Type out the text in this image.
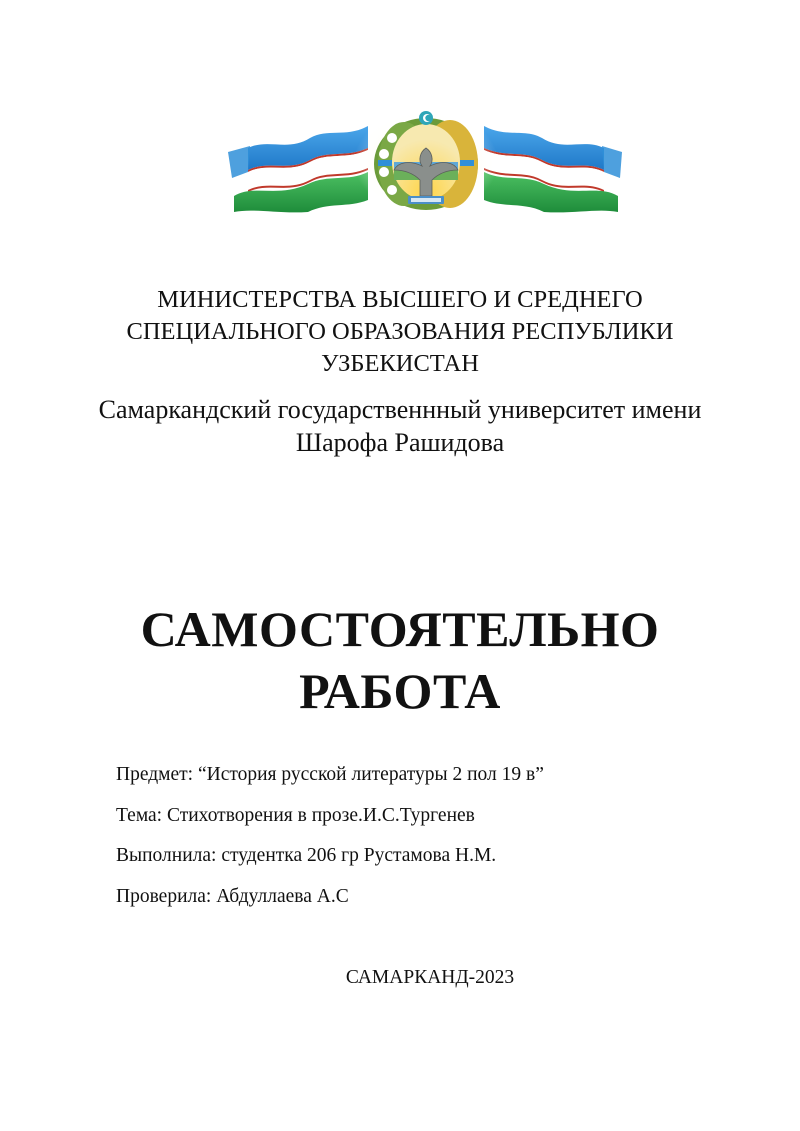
МИНИСТЕРСТВА ВЫСШЕГО И СРЕДНЕГО
СПЕЦИАЛЬНОГО ОБРАЗОВАНИЯ РЕСПУБЛИКИ
УЗБЕКИСТАН
Самаркандский государственнный университет имени
Шарофа Рашидова
САМОСТОЯТЕЛЬНО
РАБОТА
Предмет: “История русской литературы 2 пол 19 в”
Тема: Стихотворения в прозе.И.С.Тургенев
Выполнила: студентка 206 гр Рустамова Н.М.
Проверила: Абдуллаева А.С
САМАРКАНД-2023
